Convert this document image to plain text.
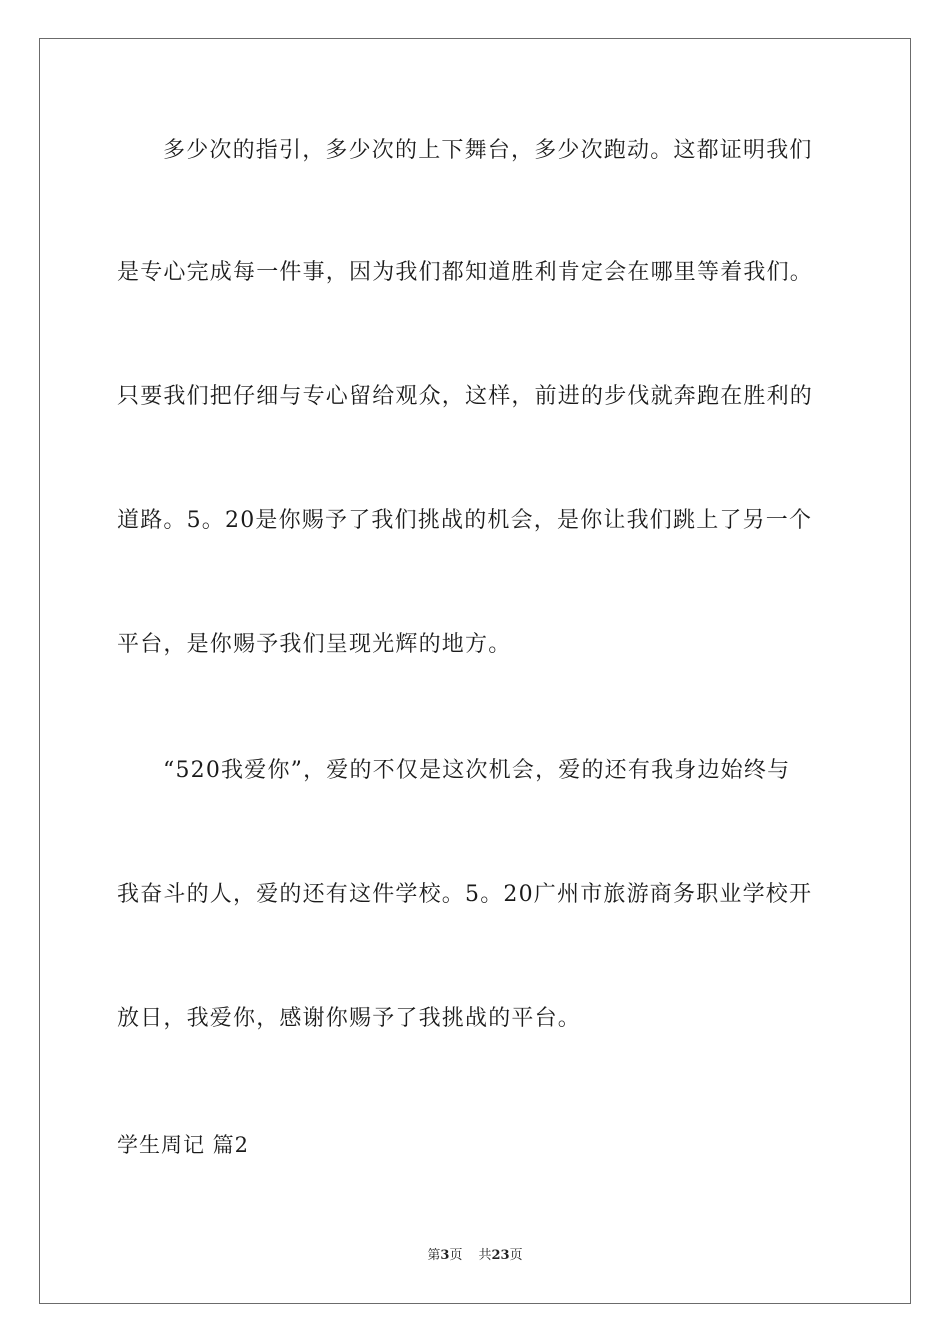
多少次的指引，多少次的上下舞台，多少次跑动。这都证明我们
是专心完成每一件事，因为我们都知道胜利肯定会在哪里等着我们。
只要我们把仔细与专心留给观众，这样，前进的步伐就奔跑在胜利的
道路。5。20是你赐予了我们挑战的机会，是你让我们跳上了另一个
平台，是你赐予我们呈现光辉的地方。
“520我爱你”，爱的不仅是这次机会，爱的还有我身边始终与
我奋斗的人，爱的还有这件学校。5。20广州市旅游商务职业学校开
放日，我爱你，感谢你赐予了我挑战的平台。
学生周记 篇2
第3页 共23页
